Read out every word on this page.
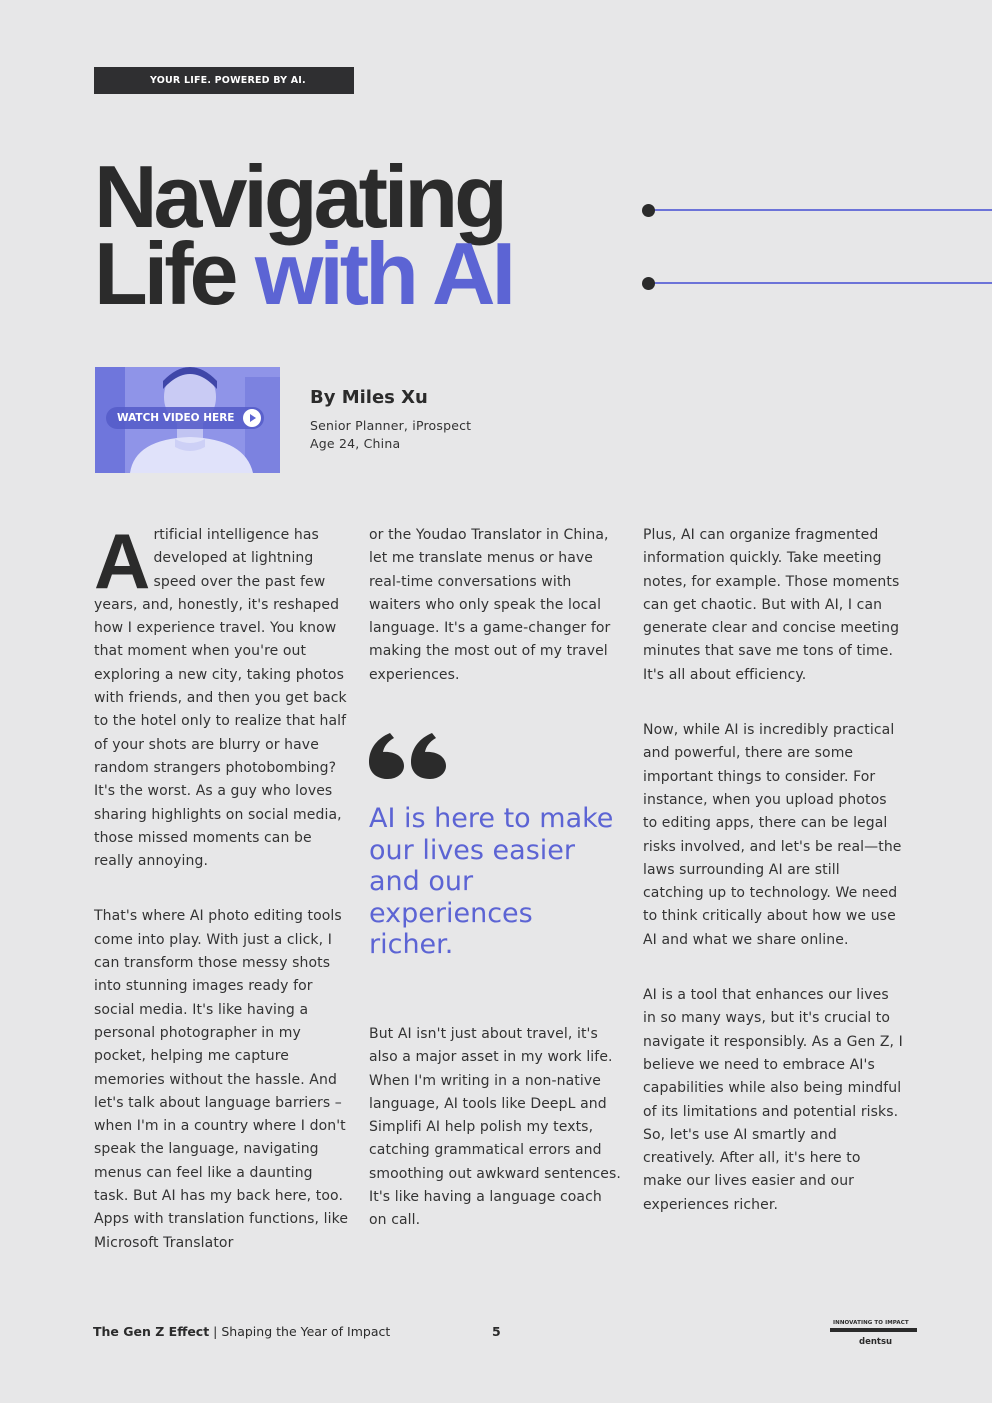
YOUR LIFE. POWERED BY AI.
Navigating
Life with AI
WATCH VIDEO HERE
By Miles Xu
Senior Planner, iProspect
Age 24, China

Artificial intelligence has developed at lightning speed over the past few years, and, honestly, it's reshaped how I experience travel. You know that moment when you're out exploring a new city, taking photos with friends, and then you get back to the hotel only to realize that half of your shots are blurry or have random strangers photobombing? It's the worst. As a guy who loves sharing highlights on social media, those missed moments can be really annoying.

That's where AI photo editing tools come into play. With just a click, I can transform those messy shots into stunning images ready for social media. It's like having a personal photographer in my pocket, helping me capture memories without the hassle. And let's talk about language barriers – when I'm in a country where I don't speak the language, navigating menus can feel like a daunting task. But AI has my back here, too. Apps with translation functions, like Microsoft Translator

or the Youdao Translator in China, let me translate menus or have real-time conversations with waiters who only speak the local language. It's a game-changer for making the most out of my travel experiences.

AI is here to make our lives easier and our experiences richer.

But AI isn't just about travel, it's also a major asset in my work life. When I'm writing in a non-native language, AI tools like DeepL and Simplifi AI help polish my texts, catching grammatical errors and smoothing out awkward sentences. It's like having a language coach on call.

Plus, AI can organize fragmented information quickly. Take meeting notes, for example. Those moments can get chaotic. But with AI, I can generate clear and concise meeting minutes that save me tons of time. It's all about efficiency.

Now, while AI is incredibly practical and powerful, there are some important things to consider. For instance, when you upload photos to editing apps, there can be legal risks involved, and let's be real—the laws surrounding AI are still catching up to technology. We need to think critically about how we use AI and what we share online.

AI is a tool that enhances our lives in so many ways, but it's crucial to navigate it responsibly. As a Gen Z, I believe we need to embrace AI's capabilities while also being mindful of its limitations and potential risks. So, let's use AI smartly and creatively. After all, it's here to make our lives easier and our experiences richer.

The Gen Z Effect | Shaping the Year of Impact	5
INNOVATING TO IMPACT
dentsu
